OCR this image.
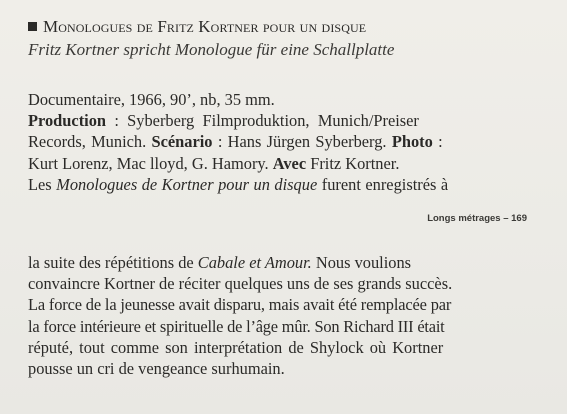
Monologues de Fritz Kortner pour un disque
Fritz Kortner spricht Monologue für eine Schallplatte
Documentaire, 1966, 90’, nb, 35 mm.
Production : Syberberg Filmproduktion, Munich/Preiser
Records, Munich. Scénario : Hans Jürgen Syberberg. Photo :
Kurt Lorenz, Mac lloyd, G. Hamory. Avec Fritz Kortner.
Les Monologues de Kortner pour un disque furent enregistrés à
Longs métrages – 169
la suite des répétitions de Cabale et Amour. Nous voulions
convaincre Kortner de réciter quelques uns de ses grands succès.
La force de la jeunesse avait disparu, mais avait été remplacée par
la force intérieure et spirituelle de l’âge mûr. Son Richard III était
réputé, tout comme son interprétation de Shylock où Kortner
pousse un cri de vengeance surhumain.
